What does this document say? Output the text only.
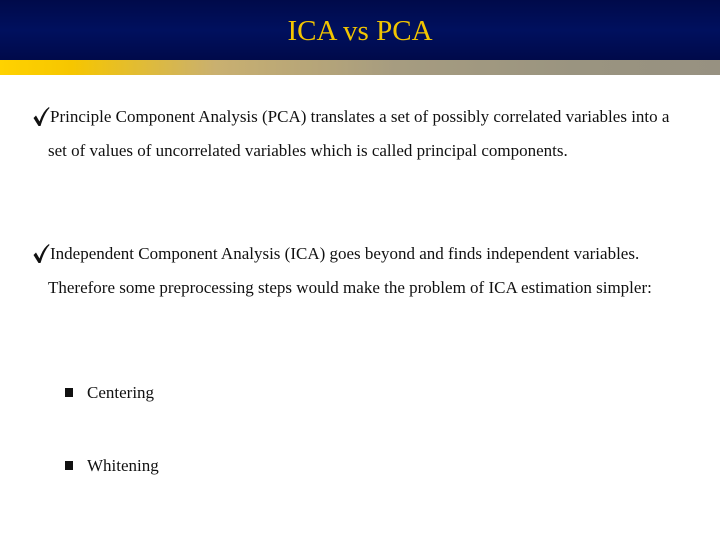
ICA vs PCA

Principle Component Analysis (PCA) translates a set of possibly correlated variables into a set of values of uncorrelated variables which is called principal components.

Independent Component Analysis (ICA) goes beyond and finds independent variables. Therefore some preprocessing steps would make the problem of ICA estimation simpler:

Centering
Whitening
